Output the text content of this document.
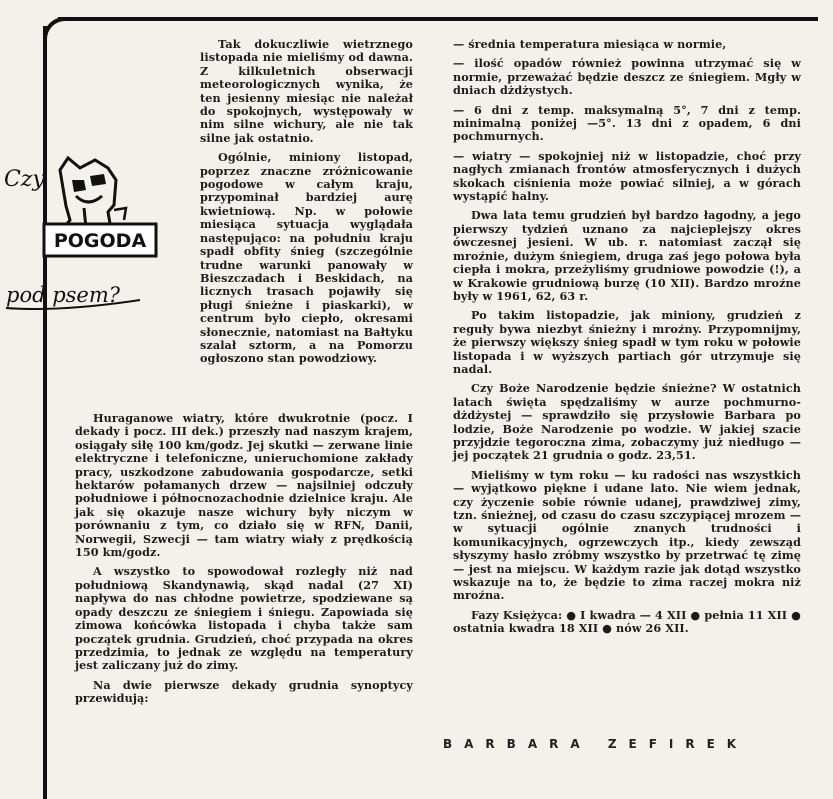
POGODA
Czy
pod psem?

Tak dokuczliwie wietrznego listopada nie mieliśmy od dawna. Z kilkuletnich obserwacji meteorologicznych wynika, że ten jesienny miesiąc nie należał do spokojnych, występowały w nim silne wichury, ale nie tak silne jak ostatnio.

Ogólnie, miniony listopad, poprzez znaczne zróżnicowanie pogodowe w całym kraju, przypominał bardziej aurę kwietniową. Np. w połowie miesiąca sytuacja wyglądała następująco: na południu kraju spadł obfity śnieg (szczególnie trudne warunki panowały w Bieszczadach i Beskidach, na licznych trasach pojawiły się pługi śnieżne i piaskarki), w centrum było ciepło, okresami słonecznie, natomiast na Bałtyku szalał sztorm, a na Pomorzu ogłoszono stan powodziowy.

Huraganowe wiatry, które dwukrotnie (pocz. I dekady i pocz. III dek.) przeszły nad naszym krajem, osiągały siłę 100 km/godz. Jej skutki — zerwane linie elektryczne i telefoniczne, unieruchomione zakłady pracy, uszkodzone zabudowania gospodarcze, setki hektarów połamanych drzew — najsilniej odczuły południowe i północnozachodnie dzielnice kraju. Ale jak się okazuje nasze wichury były niczym w porównaniu z tym, co działo się w RFN, Danii, Norwegii, Szwecji — tam wiatry wiały z prędkością 150 km/godz.

A wszystko to spowodował rozległy niż nad południową Skandynawią, skąd nadal (27 XI) napływa do nas chłodne powietrze, spodziewane są opady deszczu ze śniegiem i śniegu. Zapowiada się zimowa końcówka listopada i chyba także sam początek grudnia. Grudzień, choć przypada na okres przedzimia, to jednak ze względu na temperatury jest zaliczany już do zimy.

Na dwie pierwsze dekady grudnia synoptycy przewidują:

— średnia temperatura miesiąca w normie,

— ilość opadów również powinna utrzymać się w normie, przeważać będzie deszcz ze śniegiem. Mgły w dniach dżdżystych.

— 6 dni z temp. maksymalną 5°, 7 dni z temp. minimalną poniżej —5°. 13 dni z opadem, 6 dni pochmurnych.

— wiatry — spokojniej niż w listopadzie, choć przy nagłych zmianach frontów atmosferycznych i dużych skokach ciśnienia może powiać silniej, a w górach wystąpić halny.

Dwa lata temu grudzień był bardzo łagodny, a jego pierwszy tydzień uznano za najcieplejszy okres ówczesnej jesieni. W ub. r. natomiast zaczął się mroźnie, dużym śniegiem, druga zaś jego połowa była ciepła i mokra, przeżyliśmy grudniowe powodzie (!), a w Krakowie grudniową burzę (10 XII). Bardzo mroźne były w 1961, 62, 63 r.

Po takim listopadzie, jak miniony, grudzień z reguły bywa niezbyt śnieżny i mroźny. Przypomnijmy, że pierwszy większy śnieg spadł w tym roku w połowie listopada i w wyższych partiach gór utrzymuje się nadal.

Czy Boże Narodzenie będzie śnieżne? W ostatnich latach święta spędzaliśmy w aurze pochmurno-dżdżystej — sprawdziło się przysłowie Barbara po lodzie, Boże Narodzenie po wodzie. W jakiej szacie przyjdzie tegoroczna zima, zobaczymy już niedługo — jej początek 21 grudnia o godz. 23,51.

Mieliśmy w tym roku — ku radości nas wszystkich — wyjątkowo piękne i udane lato. Nie wiem jednak, czy życzenie sobie równie udanej, prawdziwej zimy, tzn. śnieżnej, od czasu do czasu szczypiącej mrozem — w sytuacji ogólnie znanych trudności i komunikacyjnych, ogrzewczych itp., kiedy zewsząd słyszymy hasło zróbmy wszystko by przetrwać tę zimę — jest na miejscu. W każdym razie jak dotąd wszystko wskazuje na to, że będzie to zima raczej mokra niż mroźna.

Fazy Księżyca: ● I kwadra — 4 XII ● pełnia 11 XII ● ostatnia kwadra 18 XII ● nów 26 XII.

BARBARA ZEFIREK
